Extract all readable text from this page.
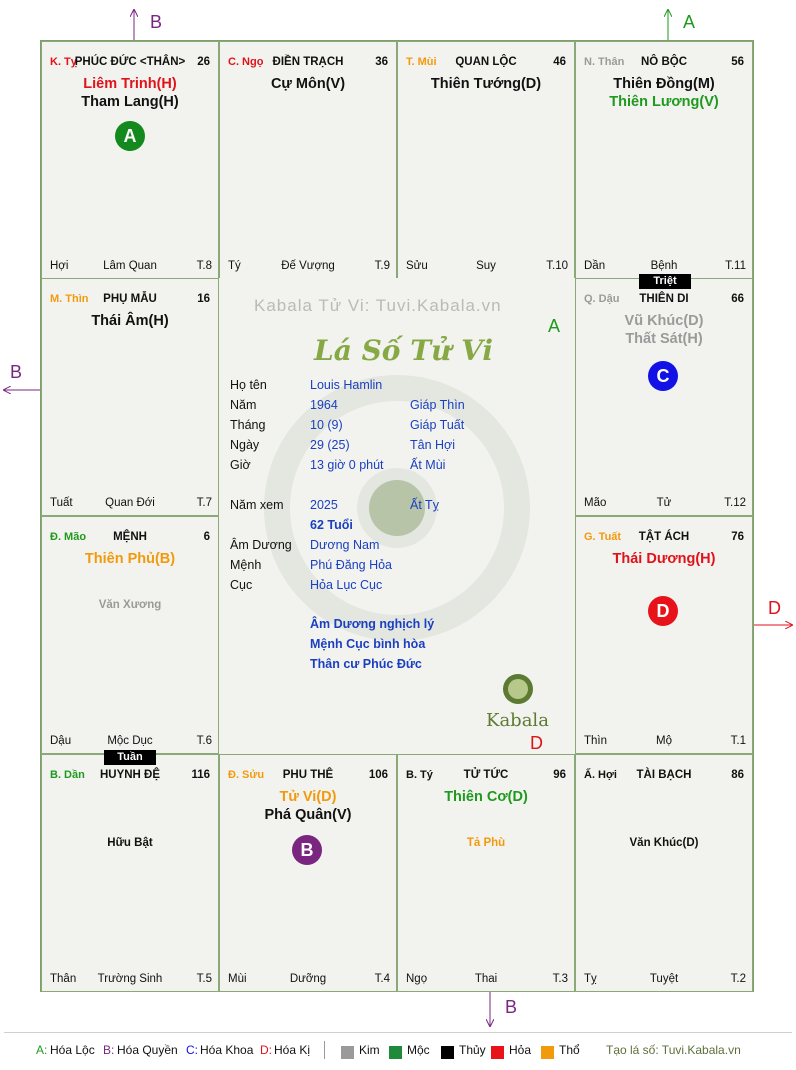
K. Tỵ
PHÚC ĐỨC <THÂN>	26
Liêm Trinh(H)
Tham Lang(H)
Hợi	Lâm Quan	T.8
C. Ngọ ĐIỀN TRẠCH	36
Cự Môn(V)
Tý	Đế Vượng	T.9
T. Mùi	QUAN LỘC	46
Thiên Tướng(D)
Sửu	Suy	T.10
N. Thân	NÔ BỘC	56
Thiên Đồng(M)
Thiên Lương(V)
Dần	Bệnh	T.11
M. Thìn	PHỤ MẪU	16
Thái Âm(H)
Tuất	Quan Đới	T.7
Q. Dậu	THIÊN DI	66
Vũ Khúc(D)
Thất Sát(H)
Mão	Tử	T.12
Đ. Mão	MỆNH	6
Thiên Phủ(B)
Văn Xương
Dậu	Mộc Dục	T.6
G. Tuất	TẬT ÁCH	76
Thái Dương(H)
Thìn	Mộ	T.1
B. Dần	HUYNH ĐỆ	116
Hữu Bật
Thân	Trường Sinh	T.5
Đ. Sửu	PHU THÊ	106
Tử Vi(D)
Phá Quân(V)
Mùi	Dưỡng	T.4
B. Tý	TỬ TỨC	96
Thiên Cơ(D)
Tả Phù
Ngọ	Thai	T.3
Ấ. Hợi	TÀI BẠCH	86
Văn Khúc(D)
Tỵ	Tuyệt	T.2
Kabala Tử Vi: Tuvi.Kabala.vn
Lá Số Tử Vi
Họ tên	Louis Hamlin
Năm	1964	Giáp Thìn
Tháng	10 (9)	Giáp Tuất
Ngày	29 (25)	Tân Hợi
Giờ	13 giờ 0 phút Ất Mùi
Năm xem 2025	Ất Tỵ
62 Tuổi
Âm Dương Dương Nam
Mệnh	Phú Đăng Hỏa
Cục	Hỏa Lục Cục
Âm Dương nghịch lý
Mệnh Cục bình hòa
Thân cư Phúc Đức
Kabala
A
C
D
B
Triệt
Tuần
B	A
B
D
B
A
D
A: Hóa Lộc B: Hóa Quyền C: Hóa Khoa D: Hóa Kị	Kim Mộc Thủy Hỏa Thổ Tạo lá số: Tuvi.Kabala.vn
